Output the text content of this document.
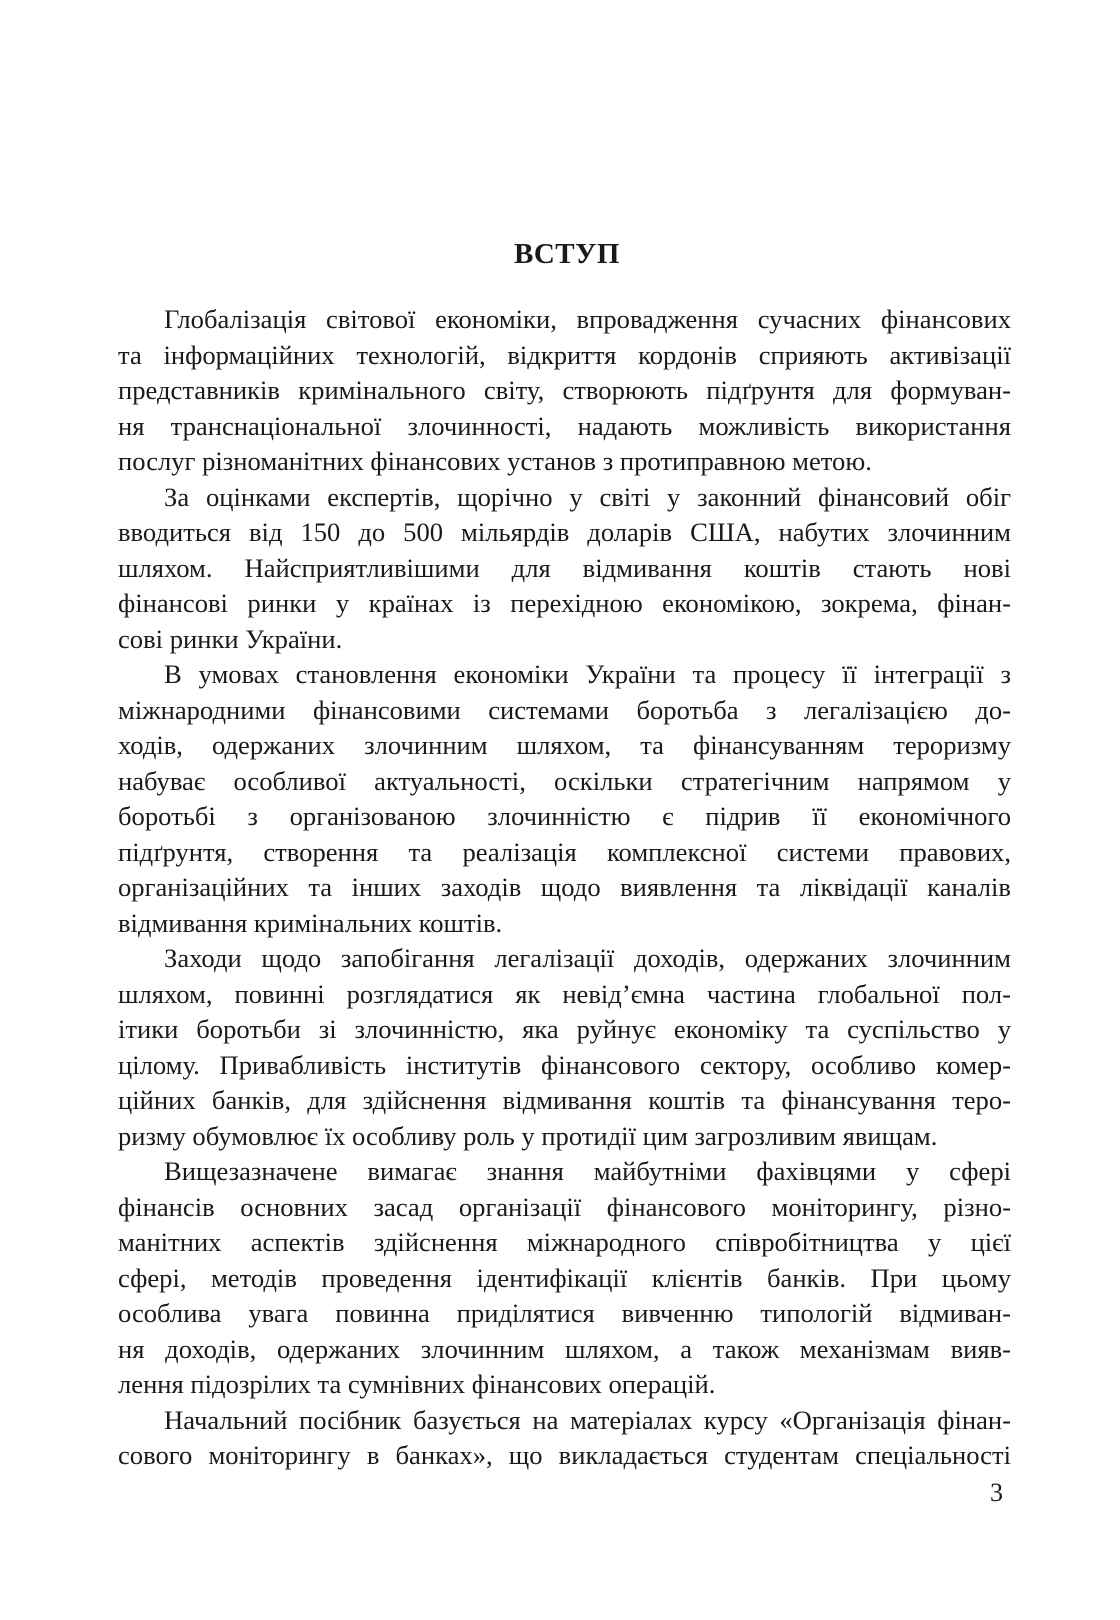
ВСТУП

Глобалізація світової економіки, впровадження сучасних фінансових
та інформаційних технологій, відкриття кордонів сприяють активізації
представників кримінального світу, створюють підґрунтя для формуван-
ня транснаціональної злочинності, надають можливість використання
послуг різноманітних фінансових установ з протиправною метою.

За оцінками експертів, щорічно у світі у законний фінансовий обіг
вводиться від 150 до 500 мільярдів доларів США, набутих злочинним
шляхом. Найсприятливішими для відмивання коштів стають нові
фінансові ринки у країнах із перехідною економікою, зокрема, фінан-
сові ринки України.

В умовах становлення економіки України та процесу її інтеграції з
міжнародними фінансовими системами боротьба з легалізацією до-
ходів, одержаних злочинним шляхом, та фінансуванням тероризму
набуває особливої актуальності, оскільки стратегічним напрямом у
боротьбі з організованою злочинністю є підрив її економічного
підґрунтя, створення та реалізація комплексної системи правових,
організаційних та інших заходів щодо виявлення та ліквідації каналів
відмивання кримінальних коштів.

Заходи щодо запобігання легалізації доходів, одержаних злочинним
шляхом, повинні розглядатися як невід’ємна частина глобальної пол-
ітики боротьби зі злочинністю, яка руйнує економіку та суспільство у
цілому. Привабливість інститутів фінансового сектору, особливо комер-
ційних банків, для здійснення відмивання коштів та фінансування теро-
ризму обумовлює їх особливу роль у протидії цим загрозливим явищам.

Вищезазначене вимагає знання майбутніми фахівцями у сфері
фінансів основних засад організації фінансового моніторингу, різно-
манітних аспектів здійснення міжнародного співробітництва у цієї
сфері, методів проведення ідентифікації клієнтів банків. При цьому
особлива увага повинна приділятися вивченню типологій відмиван-
ня доходів, одержаних злочинним шляхом, а також механізмам вияв-
лення підозрілих та сумнівних фінансових операцій.

Начальний посібник базується на матеріалах курсу «Організація фінан-
сового моніторингу в банках», що викладається студентам спеціальності

3
